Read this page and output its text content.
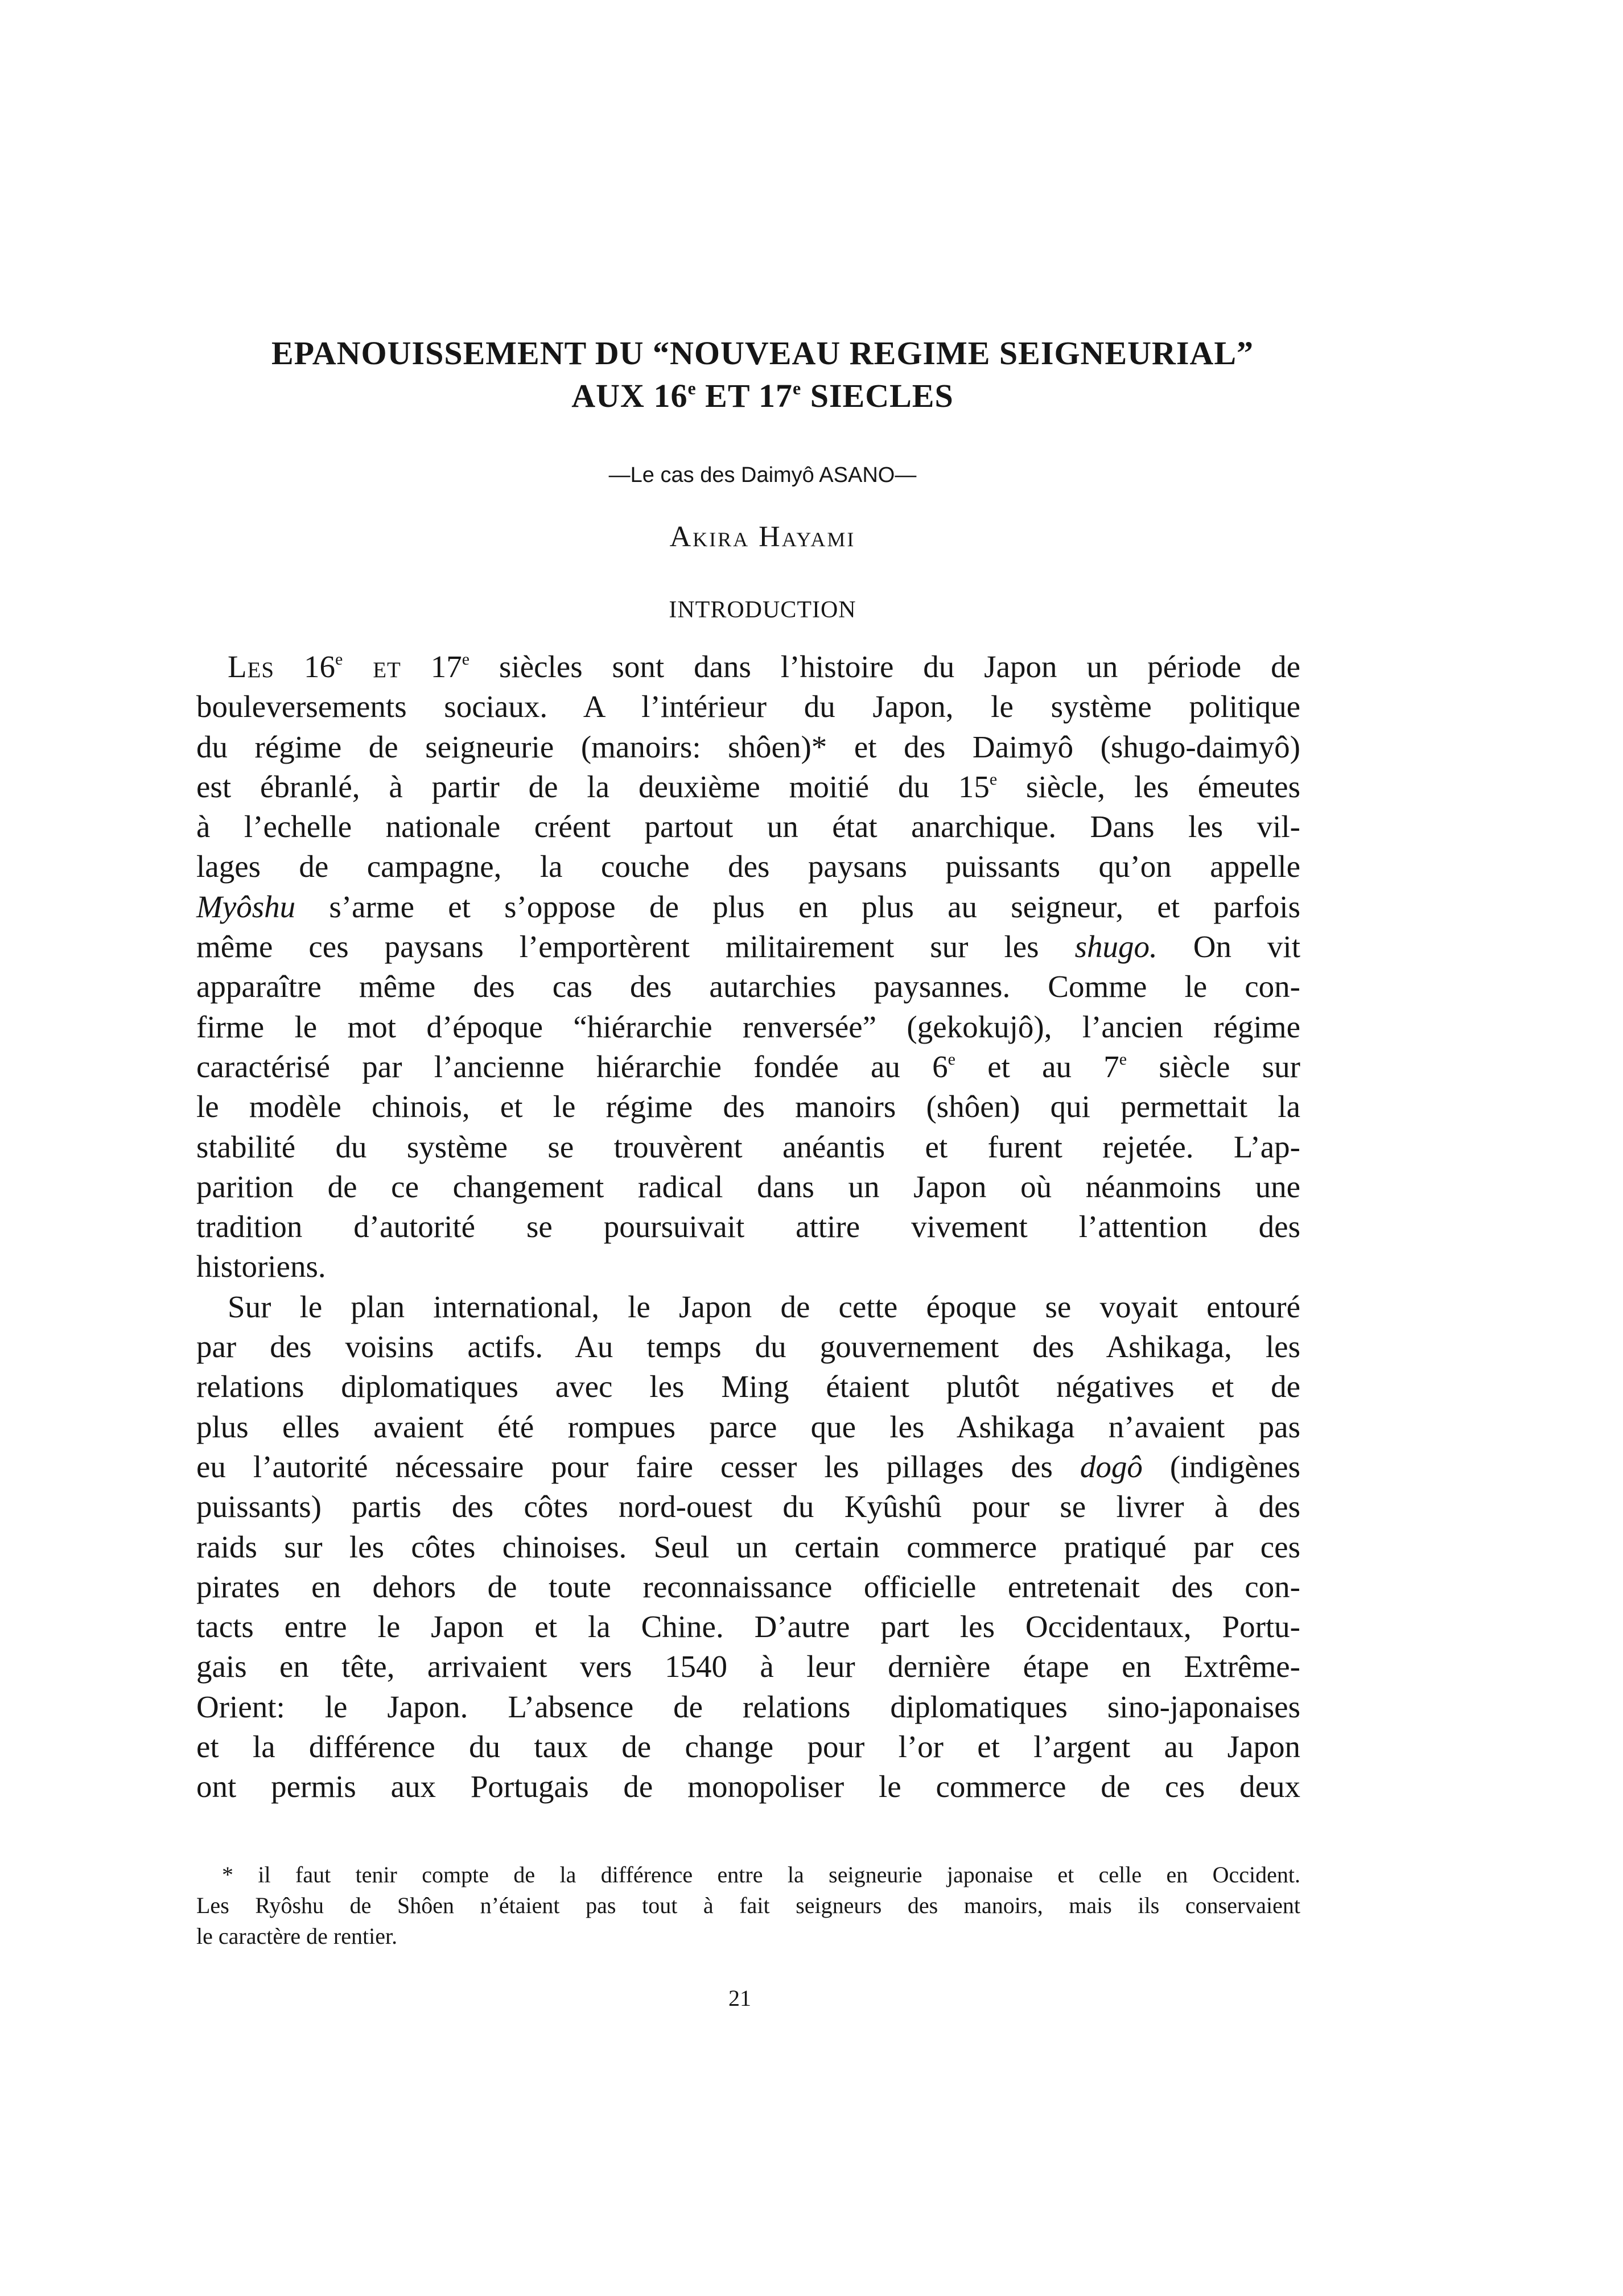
EPANOUISSEMENT DU “NOUVEAU REGIME SEIGNEURIAL”
AUX 16e ET 17e SIECLES
—Le cas des Daimyô ASANO—
Akira Hayami
INTRODUCTION
Les 16e et 17e siècles sont dans l’histoire du Japon un période de
bouleversements sociaux. A l’intérieur du Japon, le système politique
du régime de seigneurie (manoirs: shôen)* et des Daimyô (shugo-daimyô)
est ébranlé, à partir de la deuxième moitié du 15e siècle, les émeutes
à l’echelle nationale créent partout un état anarchique. Dans les vil-
lages de campagne, la couche des paysans puissants qu’on appelle
Myôshu s’arme et s’oppose de plus en plus au seigneur, et parfois
même ces paysans l’emportèrent militairement sur les shugo. On vit
apparaître même des cas des autarchies paysannes. Comme le con-
firme le mot d’époque “hiérarchie renversée” (gekokujô), l’ancien régime
caractérisé par l’ancienne hiérarchie fondée au 6e et au 7e siècle sur
le modèle chinois, et le régime des manoirs (shôen) qui permettait la
stabilité du système se trouvèrent anéantis et furent rejetée. L’ap-
parition de ce changement radical dans un Japon où néanmoins une
tradition d’autorité se poursuivait attire vivement l’attention des
historiens.
Sur le plan international, le Japon de cette époque se voyait entouré
par des voisins actifs. Au temps du gouvernement des Ashikaga, les
relations diplomatiques avec les Ming étaient plutôt négatives et de
plus elles avaient été rompues parce que les Ashikaga n’avaient pas
eu l’autorité nécessaire pour faire cesser les pillages des dogô (indigènes
puissants) partis des côtes nord-ouest du Kyûshû pour se livrer à des
raids sur les côtes chinoises. Seul un certain commerce pratiqué par ces
pirates en dehors de toute reconnaissance officielle entretenait des con-
tacts entre le Japon et la Chine. D’autre part les Occidentaux, Portu-
gais en tête, arrivaient vers 1540 à leur dernière étape en Extrême-
Orient: le Japon. L’absence de relations diplomatiques sino-japonaises
et la différence du taux de change pour l’or et l’argent au Japon
ont permis aux Portugais de monopoliser le commerce de ces deux
* il faut tenir compte de la différence entre la seigneurie japonaise et celle en Occident.
Les Ryôshu de Shôen n’étaient pas tout à fait seigneurs des manoirs, mais ils conservaient
le caractère de rentier.
21
